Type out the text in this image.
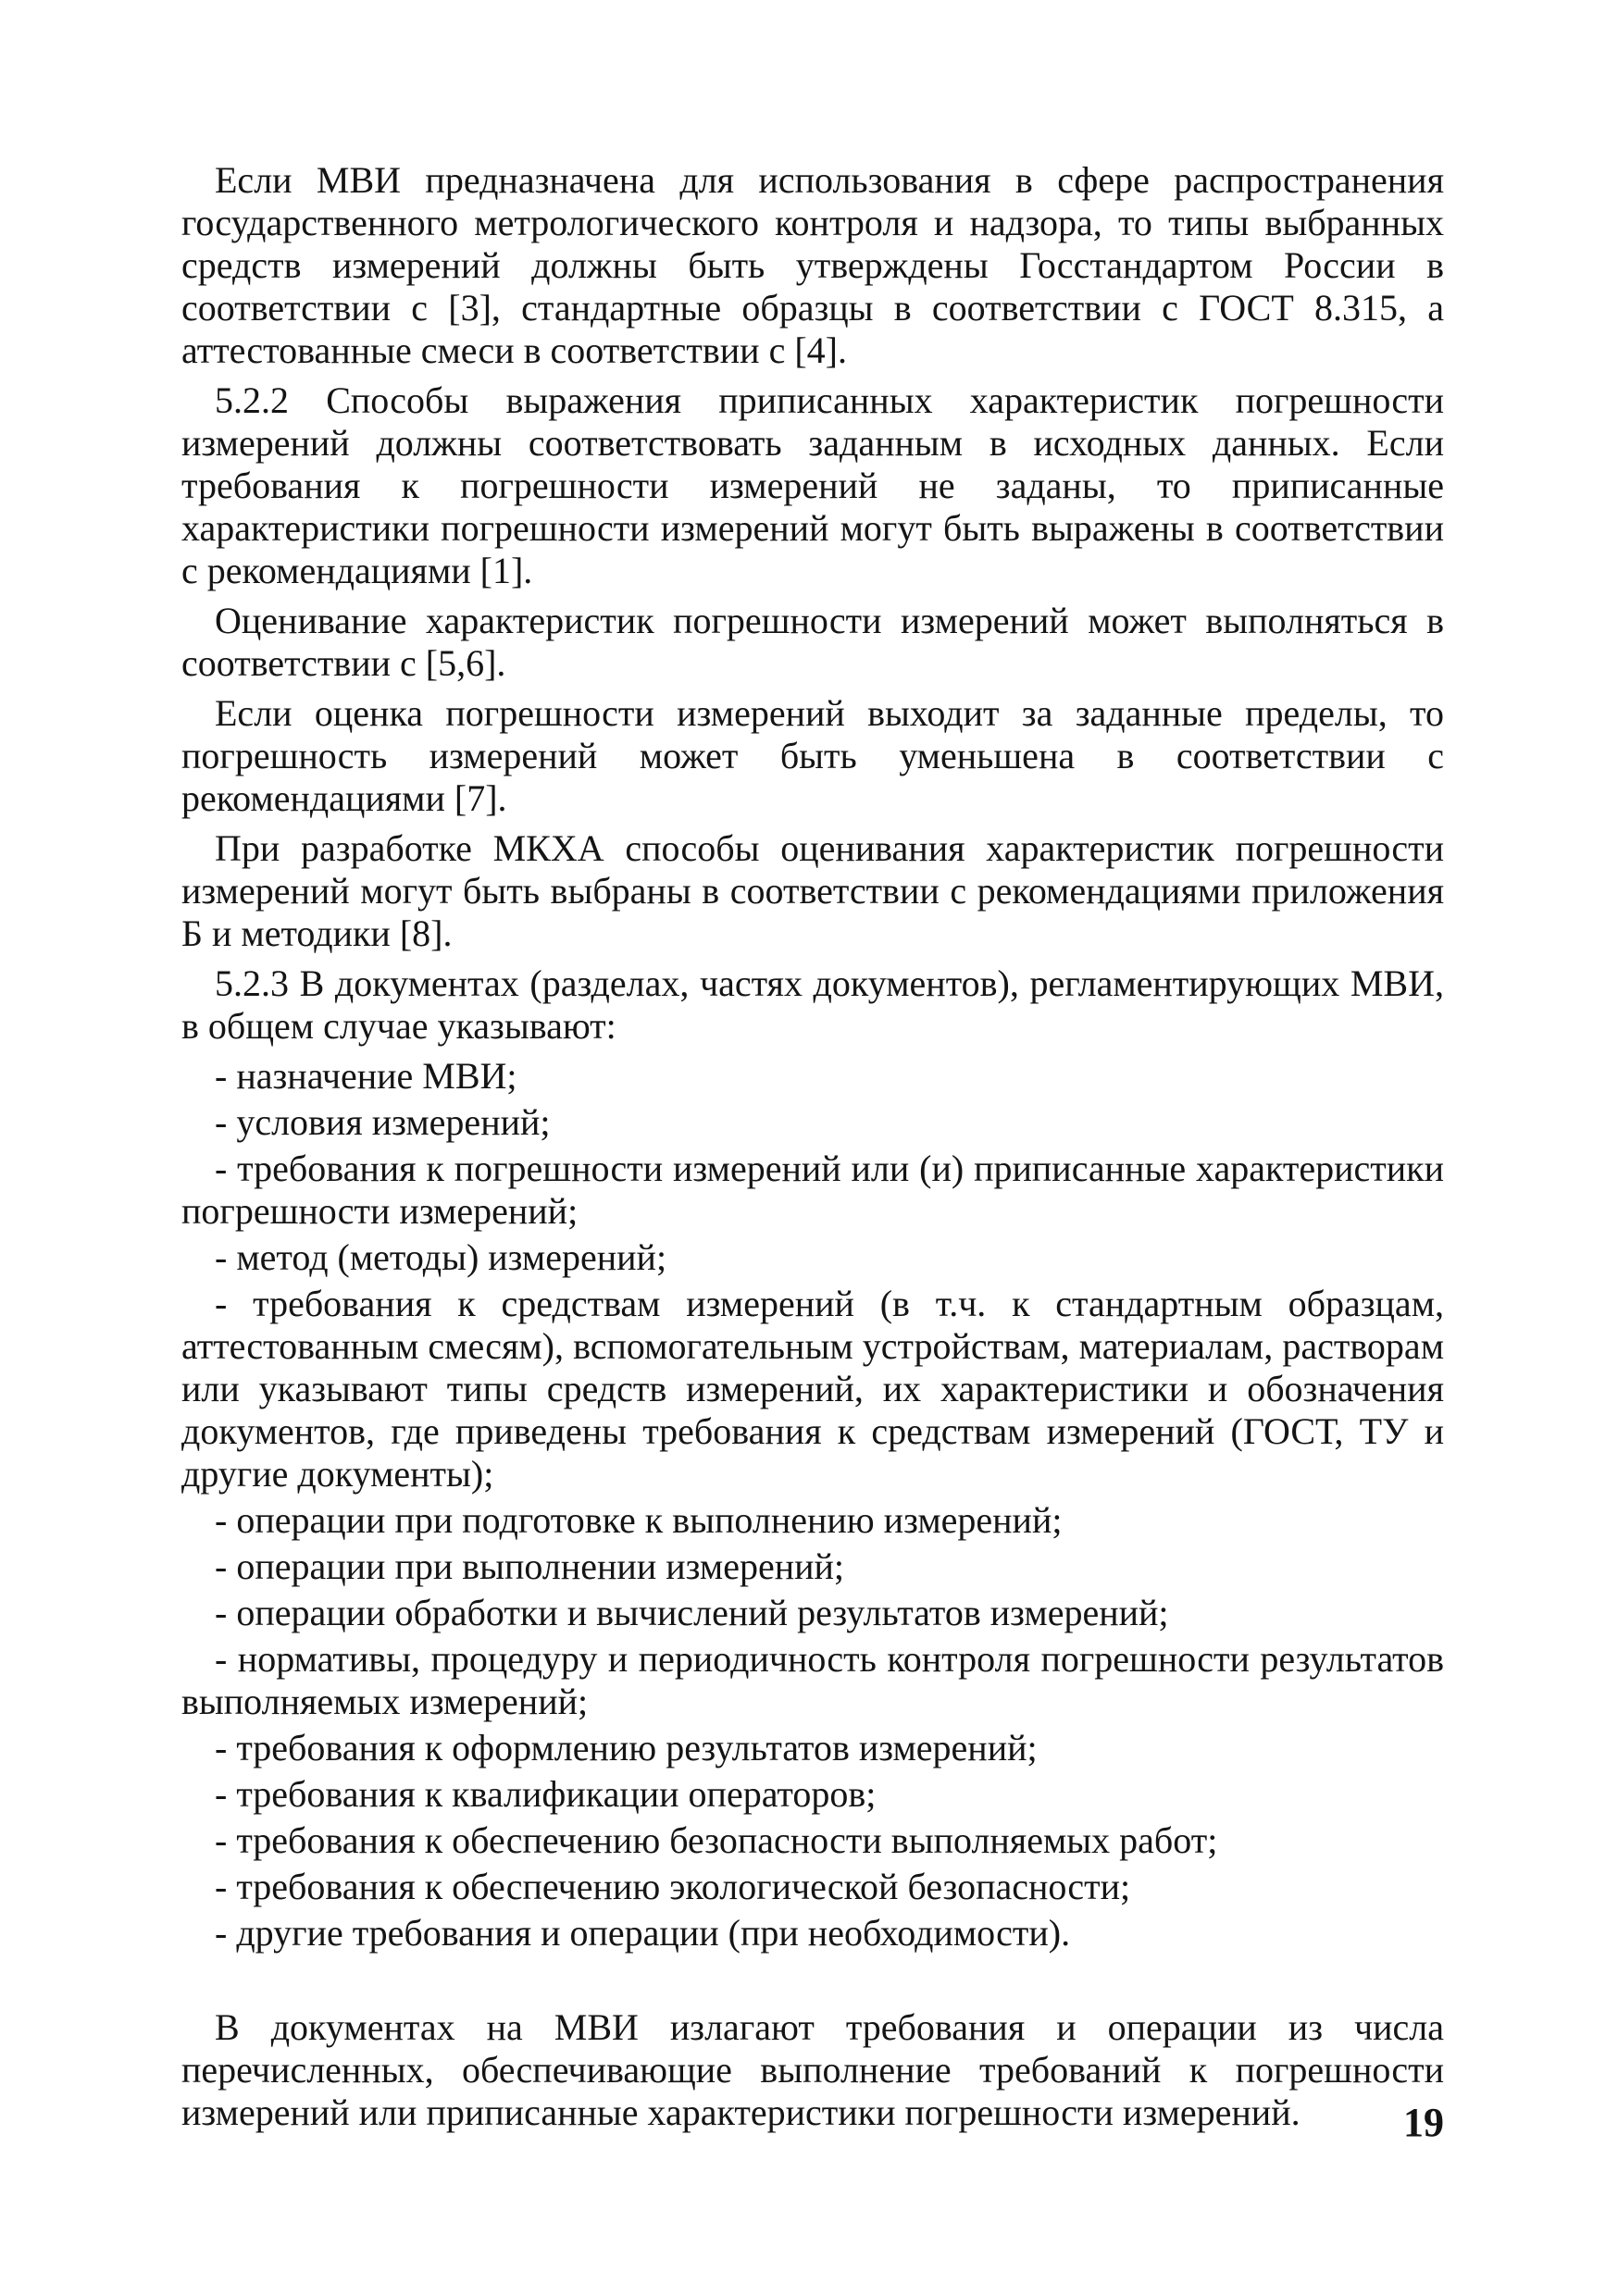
Если МВИ предназначена для использования в сфере распространения государственного метрологического контроля и надзора, то типы выбранных средств измерений должны быть утверждены Госстандартом России в соответствии с [3], стандартные образцы в соответствии с ГОСТ 8.315, а аттестованные смеси в соответствии с [4].

5.2.2 Способы выражения приписанных характеристик погрешности измерений должны соответствовать заданным в исходных данных. Если требования к погрешности измерений не заданы, то приписанные характеристики погрешности измерений могут быть выражены в соответствии с рекомендациями [1].

Оценивание характеристик погрешности измерений может выполняться в соответствии с [5,6].

Если оценка погрешности измерений выходит за заданные пределы, то погрешность измерений может быть уменьшена в соответствии с рекомендациями [7].

При разработке МКХА способы оценивания характеристик погрешности измерений могут быть выбраны в соответствии с рекомендациями приложения Б и методики [8].

5.2.3 В документах (разделах, частях документов), регламентирующих МВИ, в общем случае указывают:

- назначение МВИ;
- условия измерений;
- требования к погрешности измерений или (и) приписанные характеристики погрешности измерений;
- метод (методы) измерений;
- требования к средствам измерений (в т.ч. к стандартным образцам, аттестованным смесям), вспомогательным устройствам, материалам, растворам или указывают типы средств измерений, их характеристики и обозначения документов, где приведены требования к средствам измерений (ГОСТ, ТУ и другие документы);
- операции при подготовке к выполнению измерений;
- операции при выполнении измерений;
- операции обработки и вычислений результатов измерений;
- нормативы, процедуру и периодичность контроля погрешности результатов выполняемых измерений;
- требования к оформлению результатов измерений;
- требования к квалификации операторов;
- требования к обеспечению безопасности выполняемых работ;
- требования к обеспечению экологической безопасности;
- другие требования и операции (при необходимости).

В документах на МВИ излагают требования и операции из числа перечисленных, обеспечивающие выполнение требований к погрешности измерений или приписанные характеристики погрешности измерений.	19
